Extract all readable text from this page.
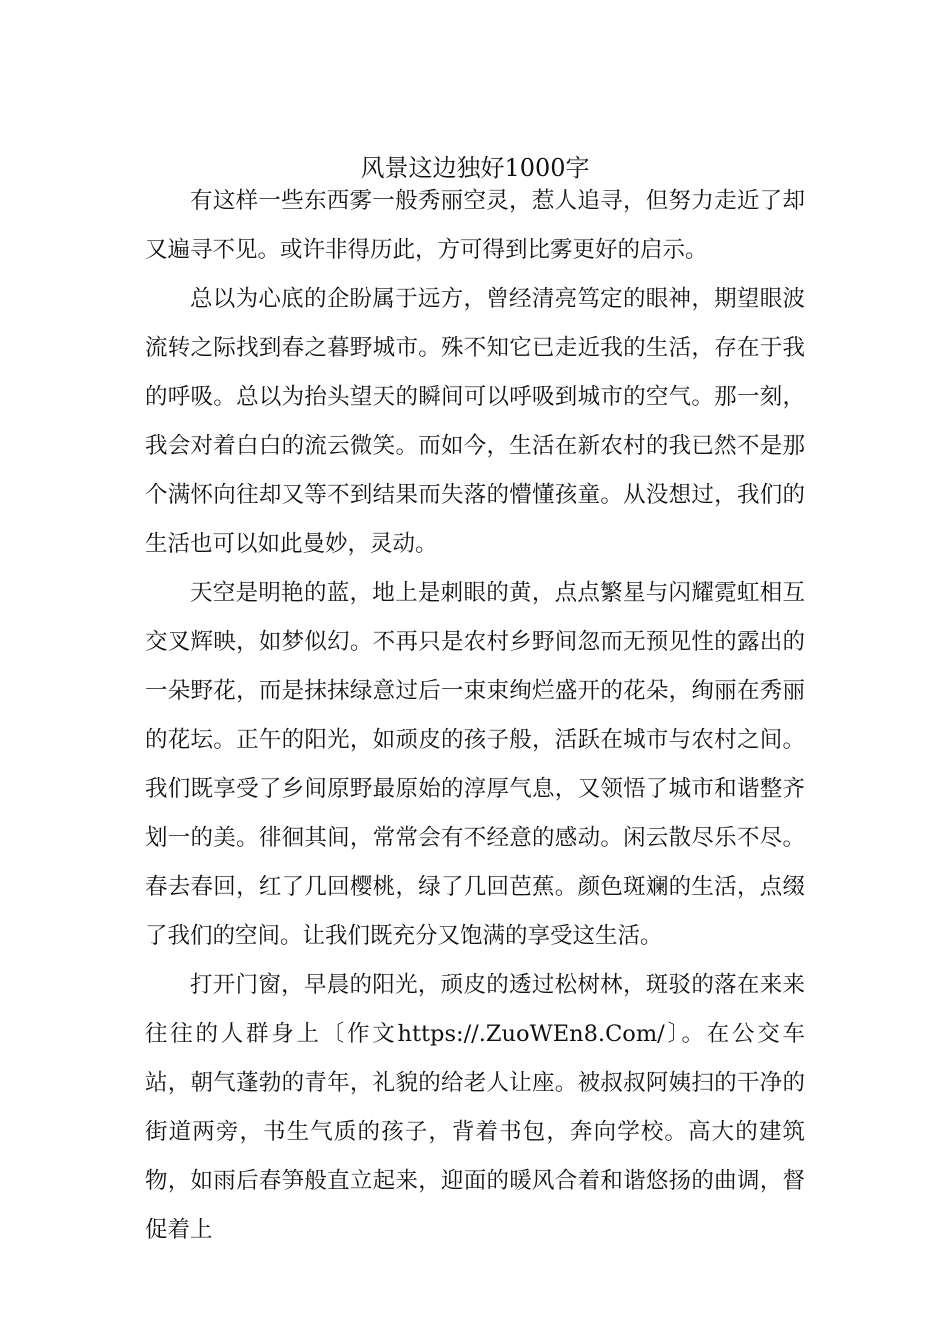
风景这边独好1000字

有这样一些东西雾一般秀丽空灵，惹人追寻，但努力走近了却又遍寻不见。或许非得历此，方可得到比雾更好的启示。

总以为心底的企盼属于远方，曾经清亮笃定的眼神，期望眼波流转之际找到春之暮野城市。殊不知它已走近我的生活，存在于我的呼吸。总以为抬头望天的瞬间可以呼吸到城市的空气。那一刻，我会对着白白的流云微笑。而如今，生活在新农村的我已然不是那个满怀向往却又等不到结果而失落的懵懂孩童。从没想过，我们的生活也可以如此曼妙，灵动。

天空是明艳的蓝，地上是刺眼的黄，点点繁星与闪耀霓虹相互交叉辉映，如梦似幻。不再只是农村乡野间忽而无预见性的露出的一朵野花，而是抹抹绿意过后一束束绚烂盛开的花朵，绚丽在秀丽的花坛。正午的阳光，如顽皮的孩子般，活跃在城市与农村之间。我们既享受了乡间原野最原始的淳厚气息，又领悟了城市和谐整齐划一的美。徘徊其间，常常会有不经意的感动。闲云散尽乐不尽。春去春回，红了几回樱桃，绿了几回芭蕉。颜色斑斓的生活，点缀了我们的空间。让我们既充分又饱满的享受这生活。

打开门窗，早晨的阳光，顽皮的透过松树林，斑驳的落在来来往往的人群身上〔作文https://.ZuoWEn8.Com/〕。在公交车站，朝气蓬勃的青年，礼貌的给老人让座。被叔叔阿姨扫的干净的街道两旁，书生气质的孩子，背着书包，奔向学校。高大的建筑物，如雨后春笋般直立起来，迎面的暖风合着和谐悠扬的曲调，督促着上
